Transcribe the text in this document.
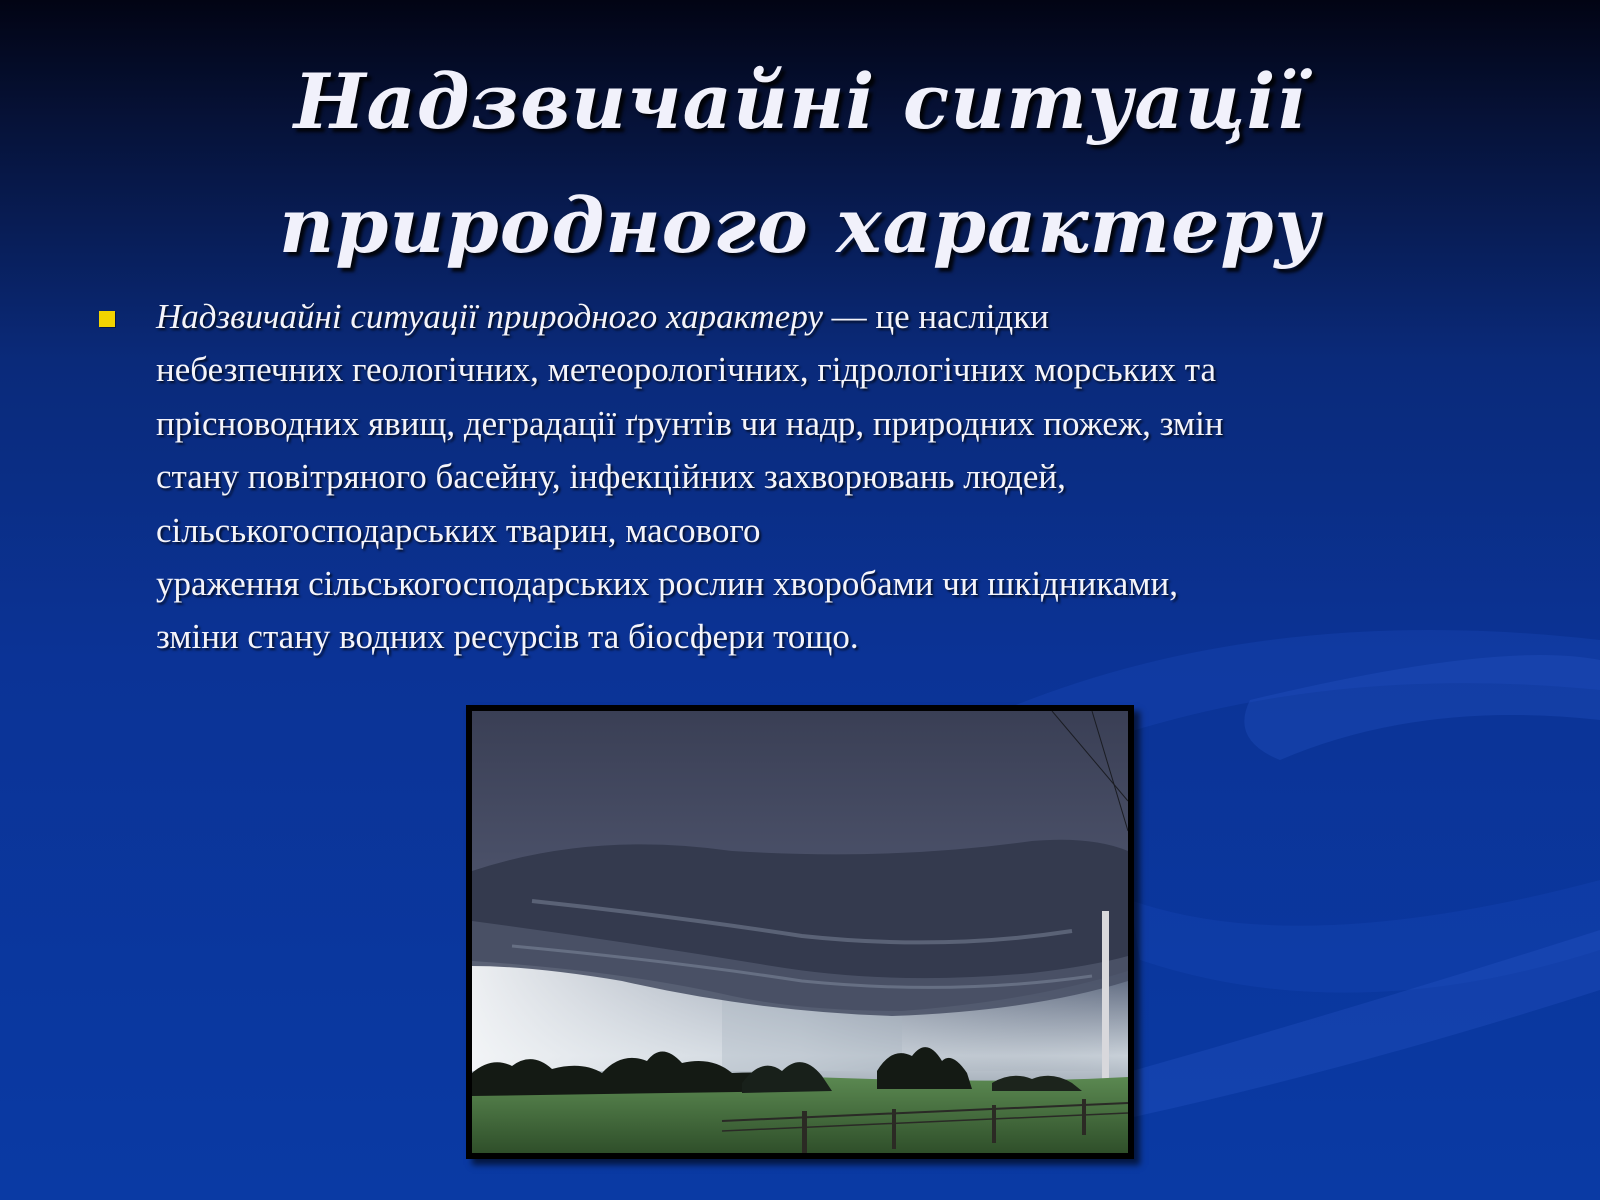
Надзвичайні ситуації
природного характеру

Надзвичайні ситуації природного характеру — це наслідки
небезпечних геологічних, метеорологічних, гідрологічних морських та
прісноводних явищ, деградації ґрунтів чи надр, природних пожеж, змін
стану повітряного басейну, інфекційних захворювань людей,
сільськогосподарських тварин, масового
ураження сільськогосподарських рослин хворобами чи шкідниками,
зміни стану водних ресурсів та біосфери тощо.
